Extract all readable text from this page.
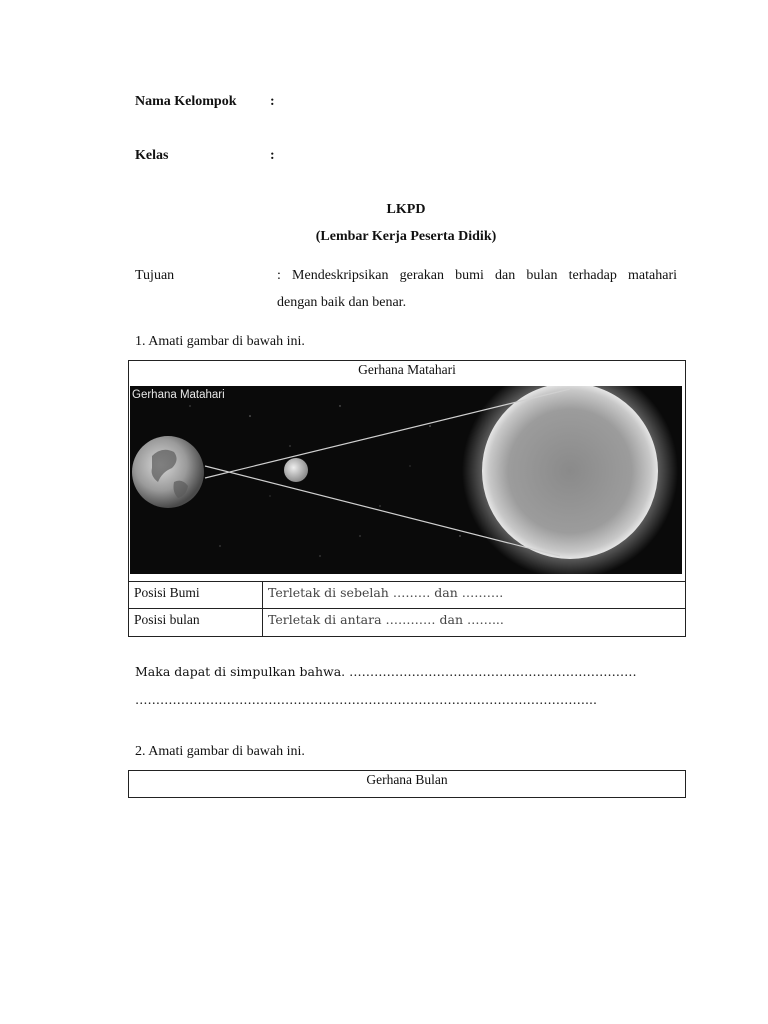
Nama Kelompok :
Kelas	:
LKPD
(Lembar Kerja Peserta Didik)
Tujuan	: Mendeskripsikan gerakan bumi dan bulan terhadap matahari
dengan baik dan benar.
1. Amati gambar di bawah ini.
Gerhana Matahari
Gerhana Matahari
Posisi Bumi	Terletak di sebelah ……… dan ……….
Posisi bulan	Terletak di antara ………… dan ……...
Maka dapat di simpulkan bahwa. ……………………………………………………………
………………………………………………………………………………………………...
2. Amati gambar di bawah ini.
Gerhana Bulan
